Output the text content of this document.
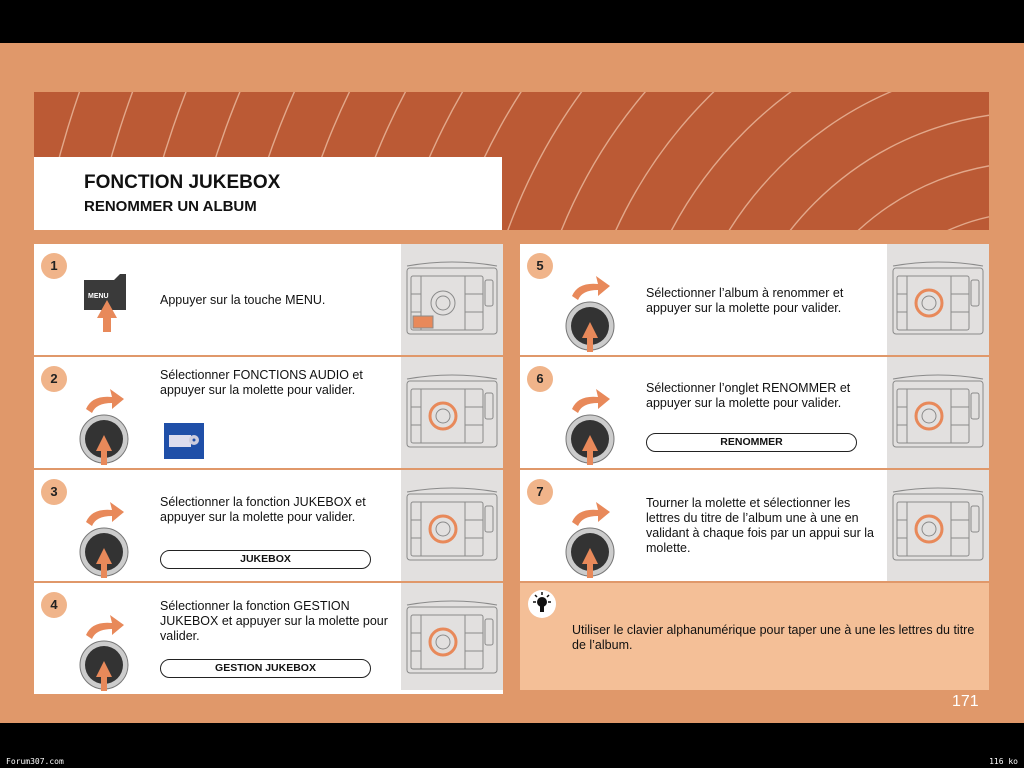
FONCTION JUKEBOX
RENOMMER UN ALBUM
1
MENU	Appuyer sur la touche MENU.
2	Sélectionner FONCTIONS AUDIO et appuyer sur la molette pour valider.
3
Sélectionner la fonction JUKEBOX et appuyer sur la molette pour valider.
JUKEBOX
4	Sélectionner la fonction GESTION JUKEBOX et appuyer sur la molette pour valider.
GESTION JUKEBOX
5
Sélectionner l’album à renommer et appuyer sur la molette pour valider.
6
Sélectionner l’onglet RENOMMER et appuyer sur la molette pour valider.
RENOMMER
7
Tourner la molette et sélectionner les lettres du titre de l’album une à une en validant à chaque fois par un appui sur la molette.
Utiliser le clavier alphanumérique pour taper une à une les lettres du titre de l’album.
171
Forum307.com	116 ko
